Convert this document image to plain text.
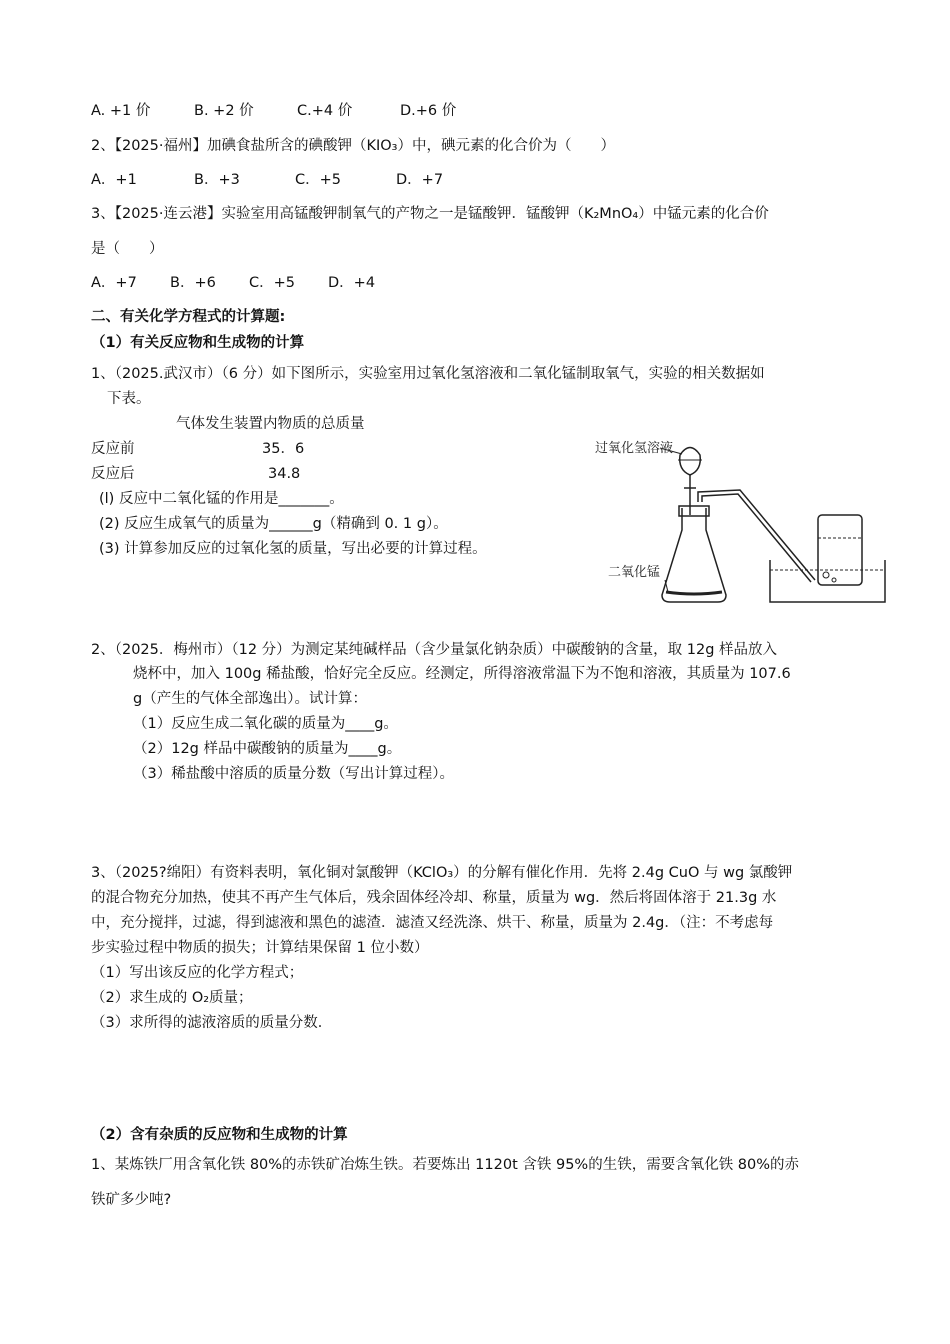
A. +1 价	B. +2 价	C.+4 价	D.+6 价
2、【2025·福州】加碘食盐所含的碘酸钾（KIO₃）中，碘元素的化合价为（　　）
A．+1	B．+3	C．+5	D．+7
3、【2025·连云港】实验室用高锰酸钾制氧气的产物之一是锰酸钾．锰酸钾（K₂MnO₄）中锰元素的化合价
是（　　）
A．+7 B．+6 C．+5 D．+4
二、有关化学方程式的计算题:
（1）有关反应物和生成物的计算
1、（2025.武汉市）（6 分）如下图所示，实验室用过氧化氢溶液和二氧化锰制取氧气，实验的相关数据如
下表。
气体发生装置内物质的总质量
反应前	35．6
反应后	34.8
(l) 反应中二氧化锰的作用是_______。
(2) 反应生成氧气的质量为______g（精确到 0. 1 g）。
(3) 计算参加反应的过氧化氢的质量，写出必要的计算过程。
过氧化氢溶液
二氧化锰
2、（2025．梅州市）（12 分）为测定某纯碱样品（含少量氯化钠杂质）中碳酸钠的含量，取 12g 样品放入
烧杯中，加入 100g 稀盐酸，恰好完全反应。经测定，所得溶液常温下为不饱和溶液，其质量为 107.6
g（产生的气体全部逸出）。试计算：
（1）反应生成二氧化碳的质量为____g。
（2）12g 样品中碳酸钠的质量为____g。
（3）稀盐酸中溶质的质量分数（写出计算过程）。
3、（2025?绵阳）有资料表明，氧化铜对氯酸钾（KClO₃）的分解有催化作用．先将 2.4g CuO 与 wg 氯酸钾
的混合物充分加热，使其不再产生气体后，残余固体经冷却、称量，质量为 wg．然后将固体溶于 21.3g 水
中，充分搅拌，过滤，得到滤液和黑色的滤渣．滤渣又经洗涤、烘干、称量，质量为 2.4g．（注：不考虑每
步实验过程中物质的损失；计算结果保留 1 位小数）
（1）写出该反应的化学方程式；
（2）求生成的 O₂质量；
（3）求所得的滤液溶质的质量分数．
（2）含有杂质的反应物和生成物的计算
1、某炼铁厂用含氧化铁 80%的赤铁矿冶炼生铁。若要炼出 1120t 含铁 95%的生铁，需要含氧化铁 80%的赤
铁矿多少吨?
